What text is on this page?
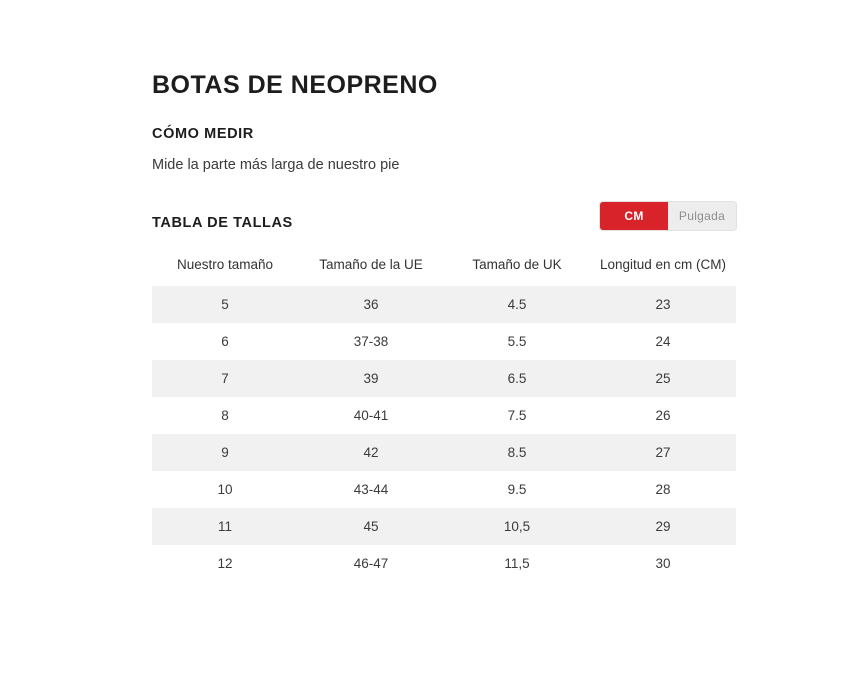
BOTAS DE NEOPRENO
CÓMO MEDIR

Mide la parte más larga de nuestro pie

TABLA DE TALLAS	CM	Pulgada
Nuestro tamaño	Tamaño de la UE	Tamaño de UK	Longitud en cm (CM)
5	36	4.5	23
6	37-38	5.5	24
7	39	6.5	25
8	40-41	7.5	26
9	42	8.5	27
10	43-44	9.5	28
11	45	10,5	29
12	46-47	11,5	30
